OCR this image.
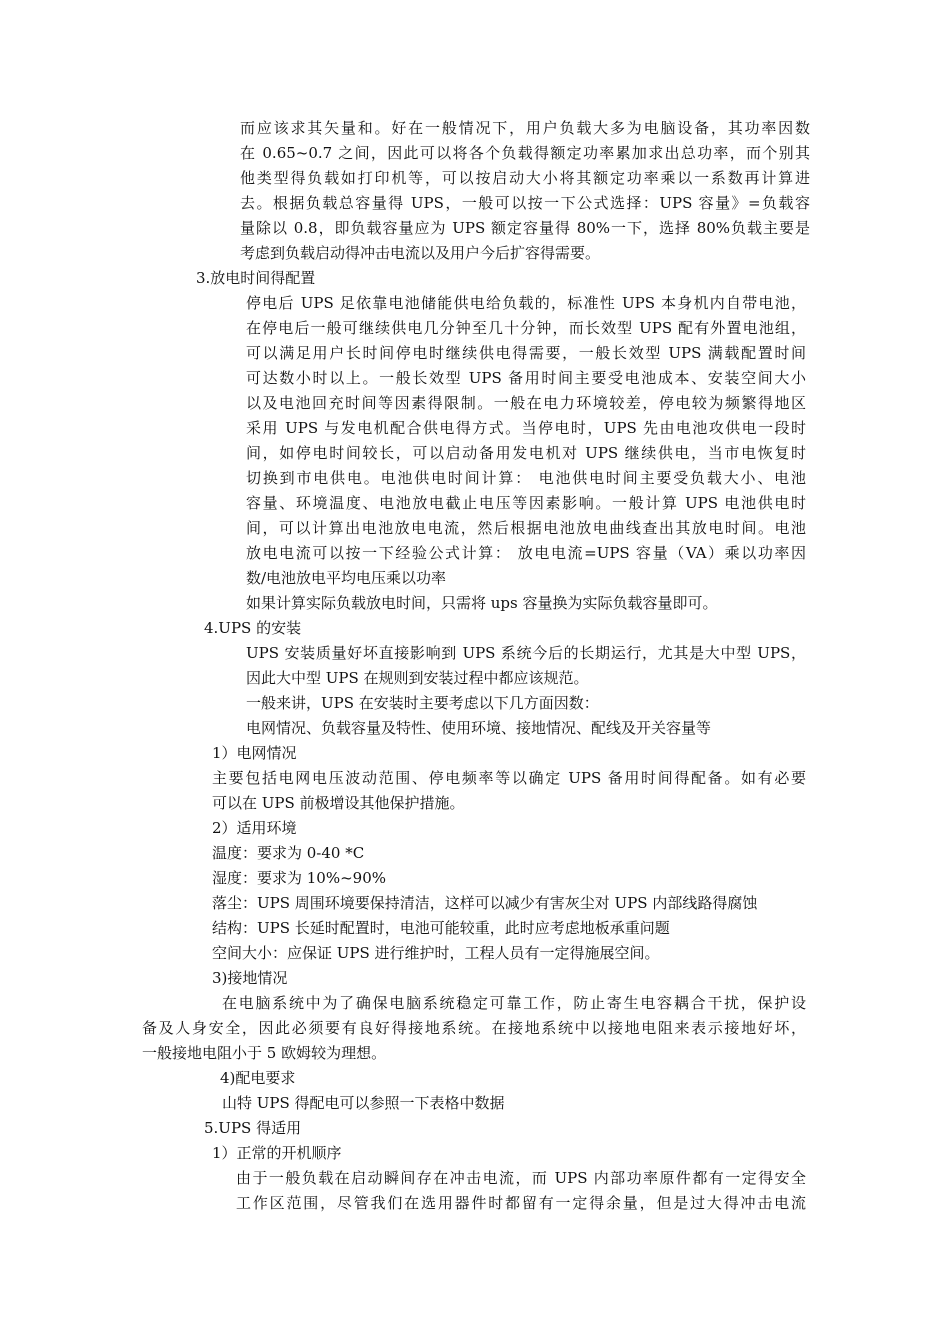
而应该求其矢量和。好在一般情况下，用户负载大多为电脑设备，其功率因数
在 0.65~0.7 之间，因此可以将各个负载得额定功率累加求出总功率，而个别其
他类型得负载如打印机等，可以按启动大小将其额定功率乘以一系数再计算进
去。根据负载总容量得 UPS，一般可以按一下公式选择：UPS 容量》=负载容
量除以 0.8，即负载容量应为 UPS 额定容量得 80%一下，选择 80%负载主要是
考虑到负载启动得冲击电流以及用户今后扩容得需要。
3.放电时间得配置
停电后 UPS 足依靠电池储能供电给负载的，标准性 UPS 本身机内自带电池，
在停电后一般可继续供电几分钟至几十分钟，而长效型 UPS 配有外置电池组，
可以满足用户长时间停电时继续供电得需要，一般长效型 UPS 满载配置时间
可达数小时以上。一般长效型 UPS 备用时间主要受电池成本、安装空间大小
以及电池回充时间等因素得限制。一般在电力环境较差，停电较为频繁得地区
采用 UPS 与发电机配合供电得方式。当停电时，UPS 先由电池攻供电一段时
间，如停电时间较长，可以启动备用发电机对 UPS 继续供电，当市电恢复时
切换到市电供电。电池供电时间计算： 电池供电时间主要受负载大小、电池
容量、环境温度、电池放电截止电压等因素影响。一般计算 UPS 电池供电时
间，可以计算出电池放电电流，然后根据电池放电曲线查出其放电时间。电池
放电电流可以按一下经验公式计算： 放电电流=UPS 容量（VA）乘以功率因
数/电池放电平均电压乘以功率
如果计算实际负载放电时间，只需将 ups 容量换为实际负载容量即可。
4.UPS 的安装
UPS 安装质量好坏直接影响到 UPS 系统今后的长期运行，尤其是大中型 UPS，
因此大中型 UPS 在规则到安装过程中都应该规范。
一般来讲，UPS 在安装时主要考虑以下几方面因数：
电网情况、负载容量及特性、使用环境、接地情况、配线及开关容量等
1）电网情况
主要包括电网电压波动范围、停电频率等以确定 UPS 备用时间得配备。如有必要
可以在 UPS 前极增设其他保护措施。
2）适用环境
温度：要求为 0-40 *C
湿度：要求为 10%~90%
落尘：UPS 周围环境要保持清洁，这样可以减少有害灰尘对 UPS 内部线路得腐蚀
结构：UPS 长延时配置时，电池可能较重，此时应考虑地板承重问题
空间大小：应保证 UPS 进行维护时，工程人员有一定得施展空间。
3)接地情况
在电脑系统中为了确保电脑系统稳定可靠工作，防止寄生电容耦合干扰，保护设
备及人身安全，因此必须要有良好得接地系统。在接地系统中以接地电阻来表示接地好坏，
一般接地电阻小于 5 欧姆较为理想。
4)配电要求
山特 UPS 得配电可以参照一下表格中数据
5.UPS 得适用
1）正常的开机顺序
由于一般负载在启动瞬间存在冲击电流，而 UPS 内部功率原件都有一定得安全
工作区范围，尽管我们在选用器件时都留有一定得余量，但是过大得冲击电流
